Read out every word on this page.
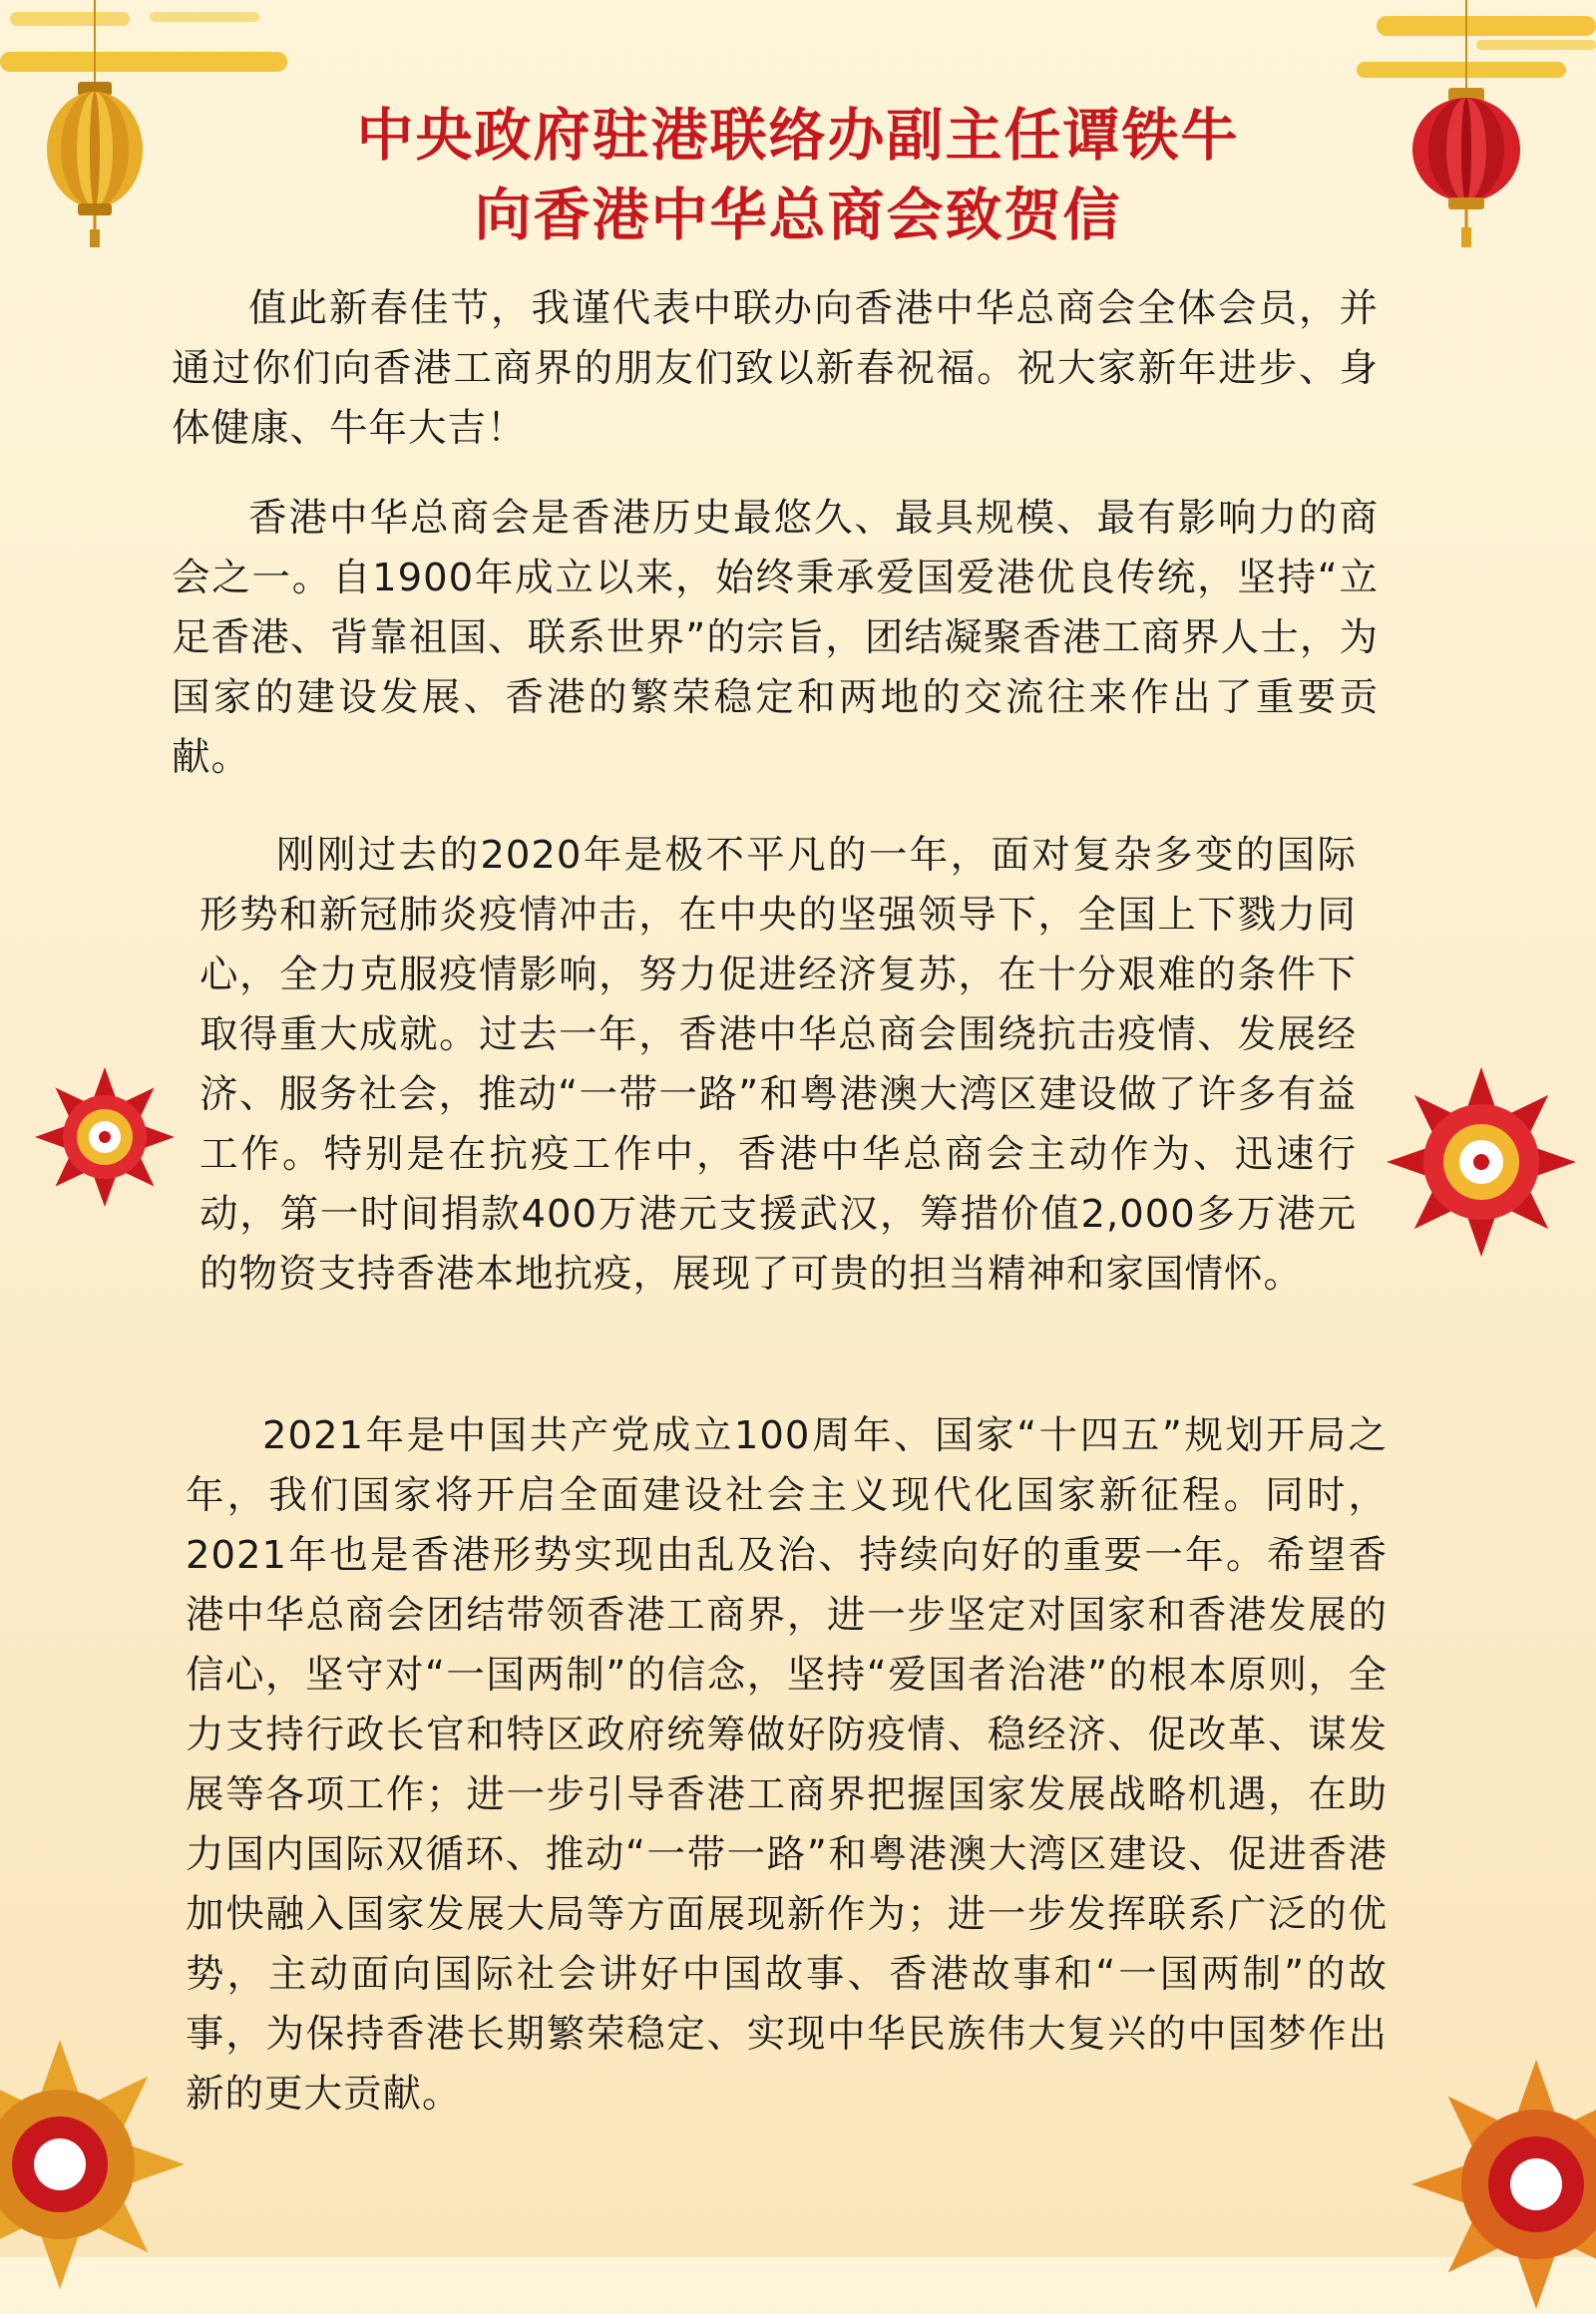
中央政府驻港联络办副主任谭铁牛
向香港中华总商会致贺信

值此新春佳节，我谨代表中联办向香港中华总商会全体会员，并通过你们向香港工商界的朋友们致以新春祝福。祝大家新年进步、身体健康、牛年大吉！

香港中华总商会是香港历史最悠久、最具规模、最有影响力的商会之一。自1900年成立以来，始终秉承爱国爱港优良传统，坚持“立足香港、背靠祖国、联系世界”的宗旨，团结凝聚香港工商界人士，为国家的建设发展、香港的繁荣稳定和两地的交流往来作出了重要贡献。

刚刚过去的2020年是极不平凡的一年，面对复杂多变的国际形势和新冠肺炎疫情冲击，在中央的坚强领导下，全国上下戮力同心，全力克服疫情影响，努力促进经济复苏，在十分艰难的条件下取得重大成就。过去一年，香港中华总商会围绕抗击疫情、发展经济、服务社会，推动“一带一路”和粤港澳大湾区建设做了许多有益工作。特别是在抗疫工作中，香港中华总商会主动作为、迅速行动，第一时间捐款400万港元支援武汉，筹措价值2,000多万港元的物资支持香港本地抗疫，展现了可贵的担当精神和家国情怀。

2021年是中国共产党成立100周年、国家“十四五”规划开局之年，我们国家将开启全面建设社会主义现代化国家新征程。同时，2021年也是香港形势实现由乱及治、持续向好的重要一年。希望香港中华总商会团结带领香港工商界，进一步坚定对国家和香港发展的信心，坚守对“一国两制”的信念，坚持“爱国者治港”的根本原则，全力支持行政长官和特区政府统筹做好防疫情、稳经济、促改革、谋发展等各项工作；进一步引导香港工商界把握国家发展战略机遇，在助力国内国际双循环、推动“一带一路”和粤港澳大湾区建设、促进香港加快融入国家发展大局等方面展现新作为；进一步发挥联系广泛的优势，主动面向国际社会讲好中国故事、香港故事和“一国两制”的故事，为保持香港长期繁荣稳定、实现中华民族伟大复兴的中国梦作出新的更大贡献。
